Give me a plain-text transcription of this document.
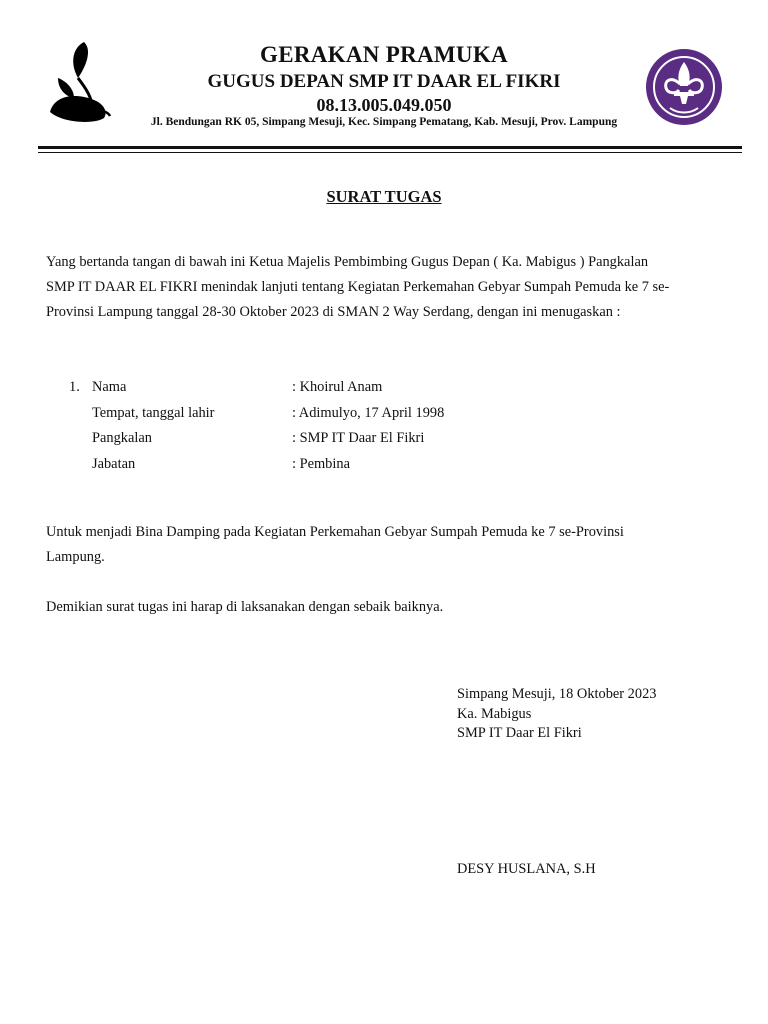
GERAKAN PRAMUKA
GUGUS DEPAN SMP IT DAAR EL FIKRI
08.13.005.049.050
Jl. Bendungan RK 05, Simpang Mesuji, Kec. Simpang Pematang, Kab. Mesuji, Prov. Lampung
SURAT TUGAS
Yang bertanda tangan di bawah ini Ketua Majelis Pembimbing Gugus Depan ( Ka. Mabigus ) Pangkalan
SMP IT DAAR EL FIKRI menindak lanjuti tentang Kegiatan Perkemahan Gebyar Sumpah Pemuda ke 7 se-
Provinsi Lampung tanggal 28-30 Oktober 2023 di SMAN 2 Way Serdang, dengan ini menugaskan :
1. Nama	: Khoirul Anam
Tempat, tanggal lahir	: Adimulyo, 17 April 1998
Pangkalan	: SMP IT Daar El Fikri
Jabatan	: Pembina
Untuk menjadi Bina Damping pada Kegiatan Perkemahan Gebyar Sumpah Pemuda ke 7 se-Provinsi
Lampung.
Demikian surat tugas ini harap di laksanakan dengan sebaik baiknya.
Simpang Mesuji, 18 Oktober 2023
Ka. Mabigus
SMP IT Daar El Fikri
DESY HUSLANA, S.H
